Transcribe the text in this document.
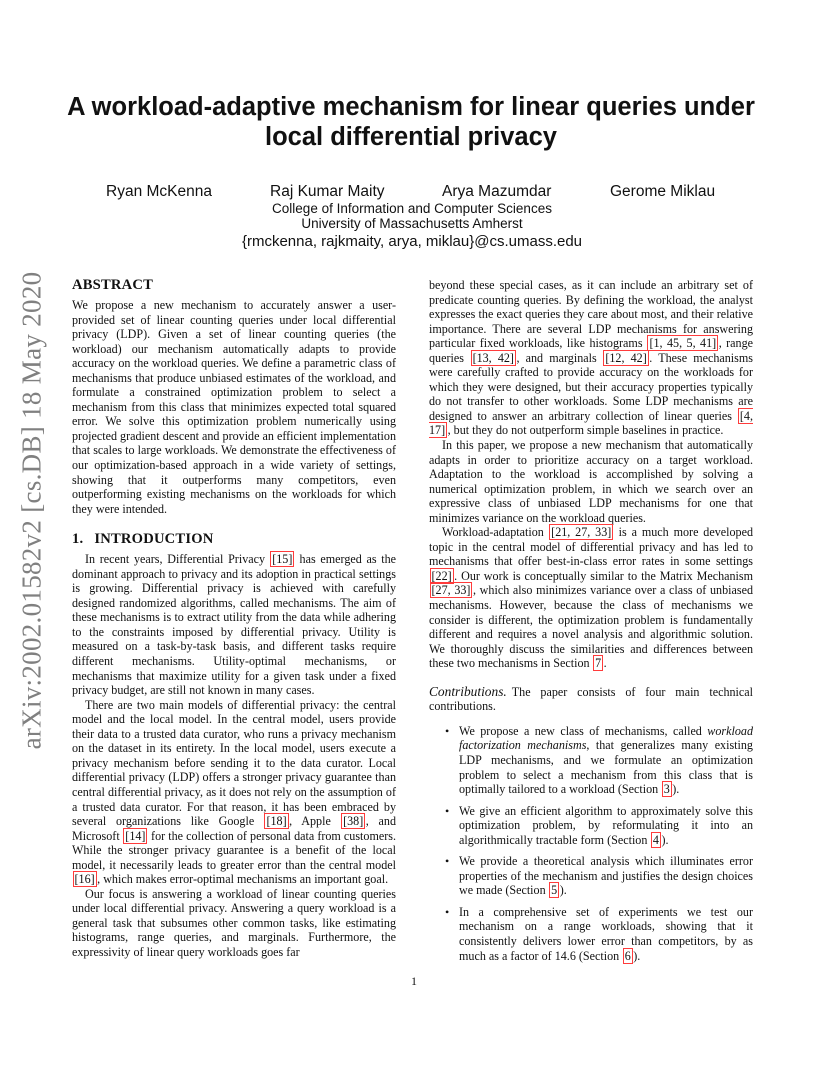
arXiv:2002.01582v2 [cs.DB] 18 May 2020
A workload-adaptive mechanism for linear queries under local differential privacy
Ryan McKenna	Raj Kumar Maity	Arya Mazumdar	Gerome Miklau
College of Information and Computer Sciences
University of Massachusetts Amherst
{rmckenna, rajkmaity, arya, miklau}@cs.umass.edu
ABSTRACT

We propose a new mechanism to accurately answer a user-provided set of linear counting queries under local differential privacy (LDP). Given a set of linear counting queries (the workload) our mechanism automatically adapts to provide accuracy on the workload queries. We define a parametric class of mechanisms that produce unbiased estimates of the workload, and formulate a constrained optimization problem to select a mechanism from this class that minimizes expected total squared error. We solve this optimization problem numerically using projected gradient descent and provide an efficient implementation that scales to large workloads. We demonstrate the effectiveness of our optimization-based approach in a wide variety of settings, showing that it outperforms many competitors, even outperforming existing mechanisms on the workloads for which they were intended.

1. INTRODUCTION

In recent years, Differential Privacy [15] has emerged as the dominant approach to privacy and its adoption in practical settings is growing. Differential privacy is achieved with carefully designed randomized algorithms, called mechanisms. The aim of these mechanisms is to extract utility from the data while adhering to the constraints imposed by differential privacy. Utility is measured on a task-by-task basis, and different tasks require different mechanisms. Utility-optimal mechanisms, or mechanisms that maximize utility for a given task under a fixed privacy budget, are still not known in many cases.

There are two main models of differential privacy: the central model and the local model. In the central model, users provide their data to a trusted data curator, who runs a privacy mechanism on the dataset in its entirety. In the local model, users execute a privacy mechanism before sending it to the data curator. Local differential privacy (LDP) offers a stronger privacy guarantee than central differential privacy, as it does not rely on the assumption of a trusted data curator. For that reason, it has been embraced by several organizations like Google [18] , Apple [38] , and Microsoft [14] for the collection of personal data from customers. While the stronger privacy guarantee is a benefit of the local model, it necessarily leads to greater error than the central model [16] , which makes error-optimal mechanisms an important goal.

Our focus is answering a workload of linear counting queries under local differential privacy. Answering a query workload is a general task that subsumes other common tasks, like estimating histograms, range queries, and marginals. Furthermore, the expressivity of linear query workloads goes far

beyond these special cases, as it can include an arbitrary set of predicate counting queries. By defining the workload, the analyst expresses the exact queries they care about most, and their relative importance. There are several LDP mechanisms for answering particular fixed workloads, like histograms [1, 45, 5, 41] , range queries [13, 42] , and marginals [12, 42] . These mechanisms were carefully crafted to provide accuracy on the workloads for which they were designed, but their accuracy properties typically do not transfer to other workloads. Some LDP mechanisms are designed to answer an arbitrary collection of linear queries [4, 17] , but they do not outperform simple baselines in practice.

In this paper, we propose a new mechanism that automatically adapts in order to prioritize accuracy on a target workload. Adaptation to the workload is accomplished by solving a numerical optimization problem, in which we search over an expressive class of unbiased LDP mechanisms for one that minimizes variance on the workload queries.

Workload-adaptation [21, 27, 33] is a much more developed topic in the central model of differential privacy and has led to mechanisms that offer best-in-class error rates in some settings [22] . Our work is conceptually similar to the Matrix Mechanism [27, 33] , which also minimizes variance over a class of unbiased mechanisms. However, because the class of mechanisms we consider is different, the optimization problem is fundamentally different and requires a novel analysis and algorithmic solution. We thoroughly discuss the similarities and differences between these two mechanisms in Section 7 .

Contributions. The paper consists of four main technical contributions.

• We propose a new class of mechanisms, called workload factorization mechanisms, that generalizes many existing LDP mechanisms, and we formulate an optimization problem to select a mechanism from this class that is optimally tailored to a workload (Section 3 ).
• We give an efficient algorithm to approximately solve this optimization problem, by reformulating it into an algorithmically tractable form (Section 4 ).
• We provide a theoretical analysis which illuminates error properties of the mechanism and justifies the design choices we made (Section 5 ).
• In a comprehensive set of experiments we test our mechanism on a range workloads, showing that it consistently delivers lower error than competitors, by as much as a factor of 14.6 (Section 6 ).
1
